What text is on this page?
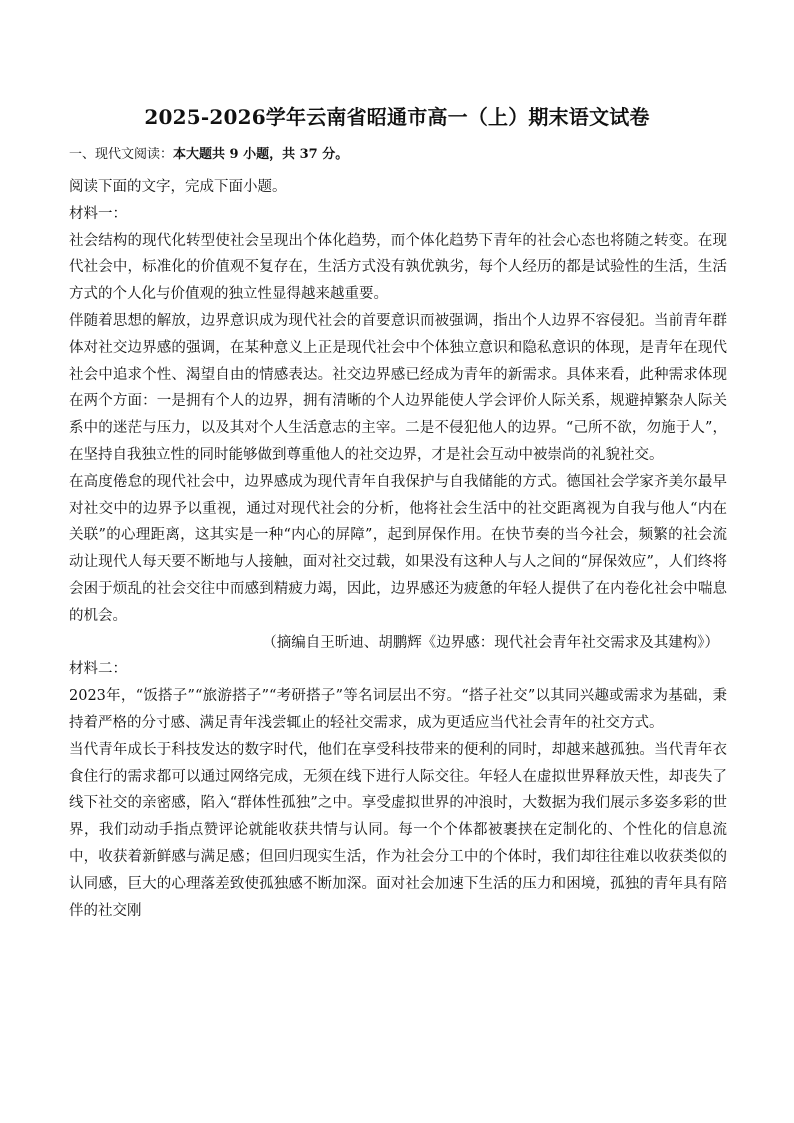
2025-2026学年云南省昭通市高一（上）期末语文试卷
一、现代文阅读：本大题共 9 小题，共 37 分。

阅读下面的文字，完成下面小题。

材料一：

社会结构的现代化转型使社会呈现出个体化趋势，而个体化趋势下青年的社会心态也将随之转变。在现代社会中，标准化的价值观不复存在，生活方式没有孰优孰劣，每个人经历的都是试验性的生活，生活方式的个人化与价值观的独立性显得越来越重要。

伴随着思想的解放，边界意识成为现代社会的首要意识而被强调，指出个人边界不容侵犯。当前青年群体对社交边界感的强调，在某种意义上正是现代社会中个体独立意识和隐私意识的体现，是青年在现代社会中追求个性、渴望自由的情感表达。社交边界感已经成为青年的新需求。具体来看，此种需求体现在两个方面：一是拥有个人的边界，拥有清晰的个人边界能使人学会评价人际关系，规避掉繁杂人际关系中的迷茫与压力，以及其对个人生活意志的主宰。二是不侵犯他人的边界。“己所不欲，勿施于人”，在坚持自我独立性的同时能够做到尊重他人的社交边界，才是社会互动中被崇尚的礼貌社交。

在高度倦怠的现代社会中，边界感成为现代青年自我保护与自我储能的方式。德国社会学家齐美尔最早对社交中的边界予以重视，通过对现代社会的分析，他将社会生活中的社交距离视为自我与他人“内在关联”的心理距离，这其实是一种“内心的屏障”，起到屏保作用。在快节奏的当今社会，频繁的社会流动让现代人每天要不断地与人接触，面对社交过载，如果没有这种人与人之间的“屏保效应”，人们终将会困于烦乱的社会交往中而感到精疲力竭，因此，边界感还为疲惫的年轻人提供了在内卷化社会中喘息的机会。

（摘编自王昕迪、胡鹏辉《边界感：现代社会青年社交需求及其建构》）

材料二：

2023年，“饭搭子”“旅游搭子”“考研搭子”等名词层出不穷。“搭子社交”以其同兴趣或需求为基础，秉持着严格的分寸感、满足青年浅尝辄止的轻社交需求，成为更适应当代社会青年的社交方式。

当代青年成长于科技发达的数字时代，他们在享受科技带来的便利的同时，却越来越孤独。当代青年衣食住行的需求都可以通过网络完成，无须在线下进行人际交往。年轻人在虚拟世界释放天性，却丧失了线下社交的亲密感，陷入“群体性孤独”之中。享受虚拟世界的冲浪时，大数据为我们展示多姿多彩的世界，我们动动手指点赞评论就能收获共情与认同。每一个个体都被裹挟在定制化的、个性化的信息流中，收获着新鲜感与满足感；但回归现实生活，作为社会分工中的个体时，我们却往往难以收获类似的认同感，巨大的心理落差致使孤独感不断加深。面对社会加速下生活的压力和困境，孤独的青年具有陪伴的社交刚
